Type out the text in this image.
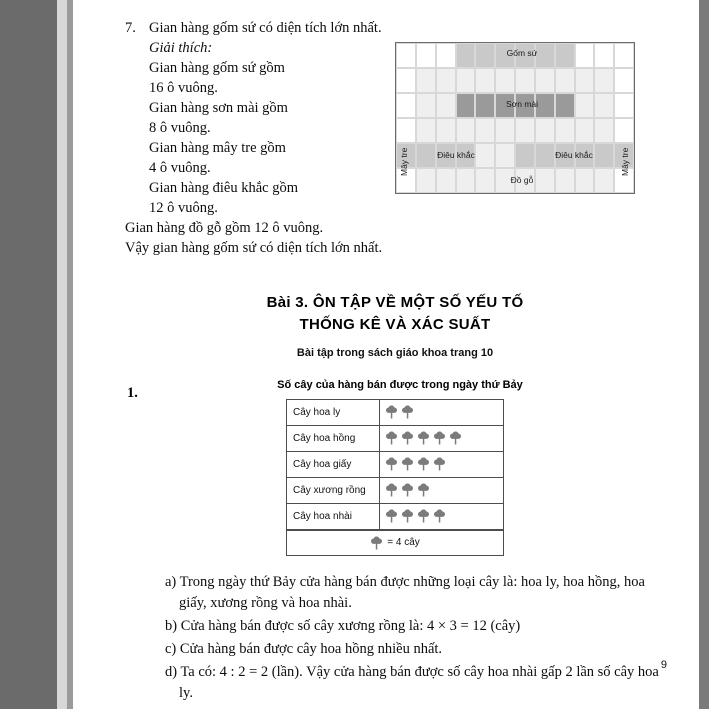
7. Gian hàng gốm sứ có diện tích lớn nhất.
Giải thích:
Gian hàng gốm sứ gồm
16 ô vuông.
Gian hàng sơn mài gồm
8 ô vuông.
Gian hàng mây tre gồm
4 ô vuông.
Gian hàng điêu khắc gồm
12 ô vuông.
Gian hàng đồ gỗ gồm 12 ô vuông.
Vậy gian hàng gốm sứ có diện tích lớn nhất.
Gốm sứ
Sơn mài
Điêu khắc	Điêu khắc
Đồ gỗ
Mây tre	Mây tre
Bài 3. ÔN TẬP VỀ MỘT SỐ YẾU TỐ
THỐNG KÊ VÀ XÁC SUẤT
Bài tập trong sách giáo khoa trang 10
1.	Số cây của hàng bán được trong ngày thứ Bảy
Cây hoa ly
Cây hoa hồng
Cây hoa giấy
Cây xương rồng
Cây hoa nhài
= 4 cây

a) Trong ngày thứ Bảy cửa hàng bán được những loại cây là: hoa ly, hoa hồng, hoa giấy, xương rồng và hoa nhài.

b) Cửa hàng bán được số cây xương rồng là: 4 × 3 = 12 (cây)

c) Cửa hàng bán được cây hoa hồng nhiều nhất.

d) Ta có: 4 : 2 = 2 (lần). Vậy cửa hàng bán được số cây hoa nhài gấp 2 lần số cây hoa ly.

9
